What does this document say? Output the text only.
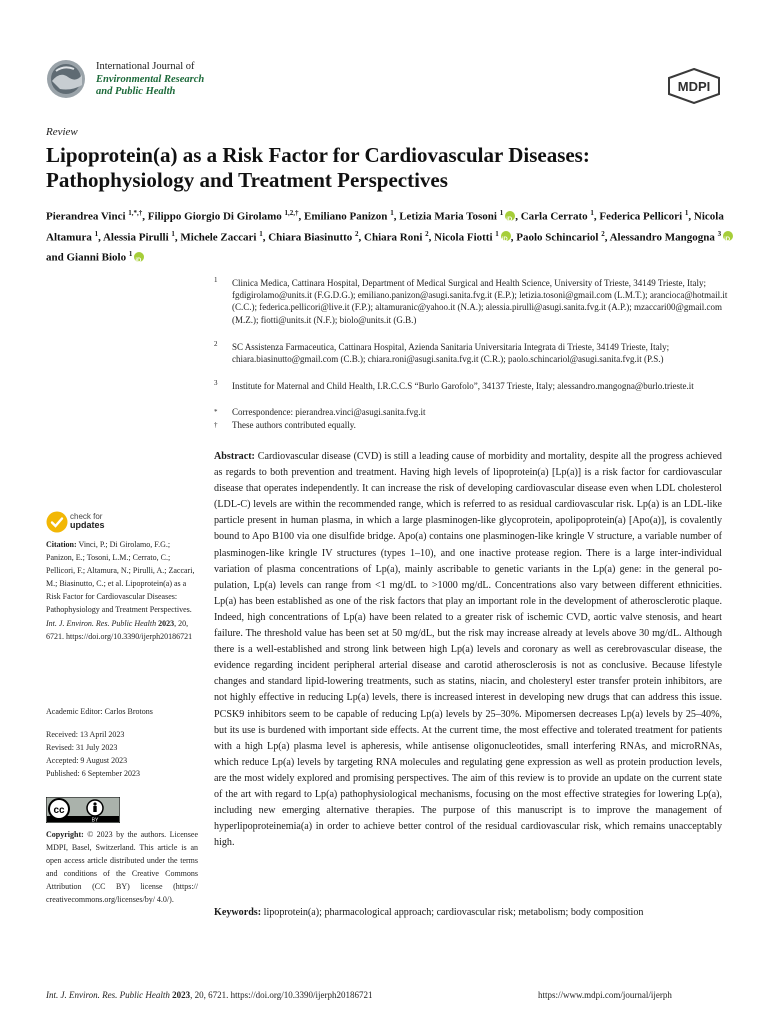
International Journal of
Environmental Research
and Public Health	MDPI
Review
Lipoprotein(a) as a Risk Factor for Cardiovascular Diseases: Pathophysiology and Treatment Perspectives
Pierandrea Vinci $^{1,*,\dagger}$, Filippo Giorgio Di Girolamo $^{1,2,\dagger}$, Emiliano Panizon $^1$, Letizia Maria Tosoni $^1$ iD , Carla Cerrato $^1$, Federica Pellicori $^1$, Nicola Altamura $^1$, Alessia Pirulli $^1$, Michele Zaccari $^1$, Chiara Biasinutto $^2$, Chiara Roni $^2$, Nicola Fiotti $^1$ iD , Paolo Schincariol $^2$, Alessandro Mangogna $^3$iD and Gianni Biolo $^1$iD
1 Clinica Medica, Cattinara Hospital, Department of Medical Surgical and Health Science, University of Trieste, 34149 Trieste, Italy; fgdigirolamo@units.it (F.G.D.G.); emiliano.panizon@asugi.sanita.fvg.it (E.P.); letizia.tosoni@gmail.com (L.M.T.); arancioca@hotmail.it (C.C.); federica.pellicori@live.it (F.P.); altamuranic@yahoo.it (N.A.); alessia.pirulli@asugi.sanita.fvg.it (A.P.); mzaccari00@gmail.com (M.Z.); fiotti@units.it (N.F.); biolo@units.it (G.B.)
2 SC Assistenza Farmaceutica, Cattinara Hospital, Azienda Sanitaria Universitaria Integrata di Trieste, 34149 Trieste, Italy; chiara.biasinutto@gmail.com (C.B.); chiara.roni@asugi.sanita.fvg.it (C.R.); paolo.schincariol@asugi.sanita.fvg.it (P.S.)
3 Institute for Maternal and Child Health, I.R.C.C.S “Burlo Garofolo”, 34137 Trieste, Italy; alessandro.mangogna@burlo.trieste.it
* Correspondence: pierandrea.vinci@asugi.sanita.fvg.it
† These authors contributed equally.
Abstract: Cardiovascular disease (CVD) is still a leading cause of morbidity and mortality, despite all the progress achieved as regards to both prevention and treatment. Having high levels of lipoprotein(a) [Lp(a)] is a risk factor for cardiovascular disease that operates independently. It can increase the risk of developing cardiovascular disease even when LDL cholesterol (LDL-C) levels are within the recommended range, which is referred to as residual cardiovascular risk. Lp(a) is an LDL-like particle present in human plasma, in which a large plasminogen-like glycoprotein, apolipoprotein(a) [Apo(a)], is covalently bound to Apo B100 via one disulfide bridge. Apo(a) contains one plasminogen-like kringle V structure, a variable number of plasminogen-like kringle IV structures (types 1–10), and one inactive protease region. There is a large inter-individual variation of plasma concentrations of Lp(a), mainly ascribable to genetic variants in the Lp(a) gene: in the general po-pulation, Lp(a) levels can range from <1 mg/dL to >1000 mg/dL. Concentrations also vary between different ethnicities. Lp(a) has been established as one of the risk factors that play an important role in the development of atherosclerotic plaque. Indeed, high concentrations of Lp(a) have been related to a greater risk of ischemic CVD, aortic valve stenosis, and heart failure. The threshold value has been set at 50 mg/dL, but the risk may increase already at levels above 30 mg/dL. Although there is a well-established and strong link between high Lp(a) levels and coronary as well as cerebrovascular disease, the evidence regarding incident peripheral arterial disease and carotid atherosclerosis is not as conclusive. Because lifestyle changes and standard lipid-lowering treatments, such as statins, niacin, and cholesteryl ester transfer protein inhibitors, are not highly effective in reducing Lp(a) levels, there is increased interest in developing new drugs that can address this issue. PCSK9 inhibitors seem to be capable of reducing Lp(a) levels by 25–30%. Mipomersen decreases Lp(a) levels by 25–40%, but its use is burdened with important side effects. At the current time, the most effective and tolerated treatment for patients with a high Lp(a) plasma level is apheresis, while antisense oligonucleotides, small interfering RNAs, and microRNAs, which reduce Lp(a) levels by targeting RNA molecules and regulating gene expression as well as protein production levels, are the most widely explored and promising perspectives. The aim of this review is to provide an update on the current state of the art with regard to Lp(a) pathophysiological mechanisms, focusing on the most effective strategies for lowering Lp(a), including new emerging alternative therapies. The purpose of this manuscript is to improve the management of hyperlipoproteinemia(a) in order to achieve better control of the residual cardiovascular risk, which remains unacceptably high.
Keywords: lipoprotein(a); pharmacological approach; cardiovascular risk; metabolism; body composition
check for
updates
Citation: Vinci, P.; Di Girolamo, F.G.; Panizon, E.; Tosoni, L.M.; Cerrato, C.; Pellicori, F.; Altamura, N.; Pirulli, A.; Zaccari, M.; Biasinutto, C.; et al. Lipoprotein(a) as a Risk Factor for Cardiovascular Diseases: Pathophysiology and Treatment Perspectives. Int. J. Environ. Res. Public Health 2023, 20, 6721. https://doi.org/10.3390/ijerph20186721
Academic Editor: Carlos Brotons
Received: 13 April 2023
Revised: 31 July 2023
Accepted: 9 August 2023
Published: 6 September 2023
cc
BY
Copyright: © 2023 by the authors. Licensee MDPI, Basel, Switzerland. This article is an open access article distributed under the terms and conditions of the Creative Commons Attribution (CC BY) license (https:// creativecommons.org/licenses/by/ 4.0/).
Int. J. Environ. Res. Public Health 2023, 20, 6721. https://doi.org/10.3390/ijerph20186721	https://www.mdpi.com/journal/ijerph
